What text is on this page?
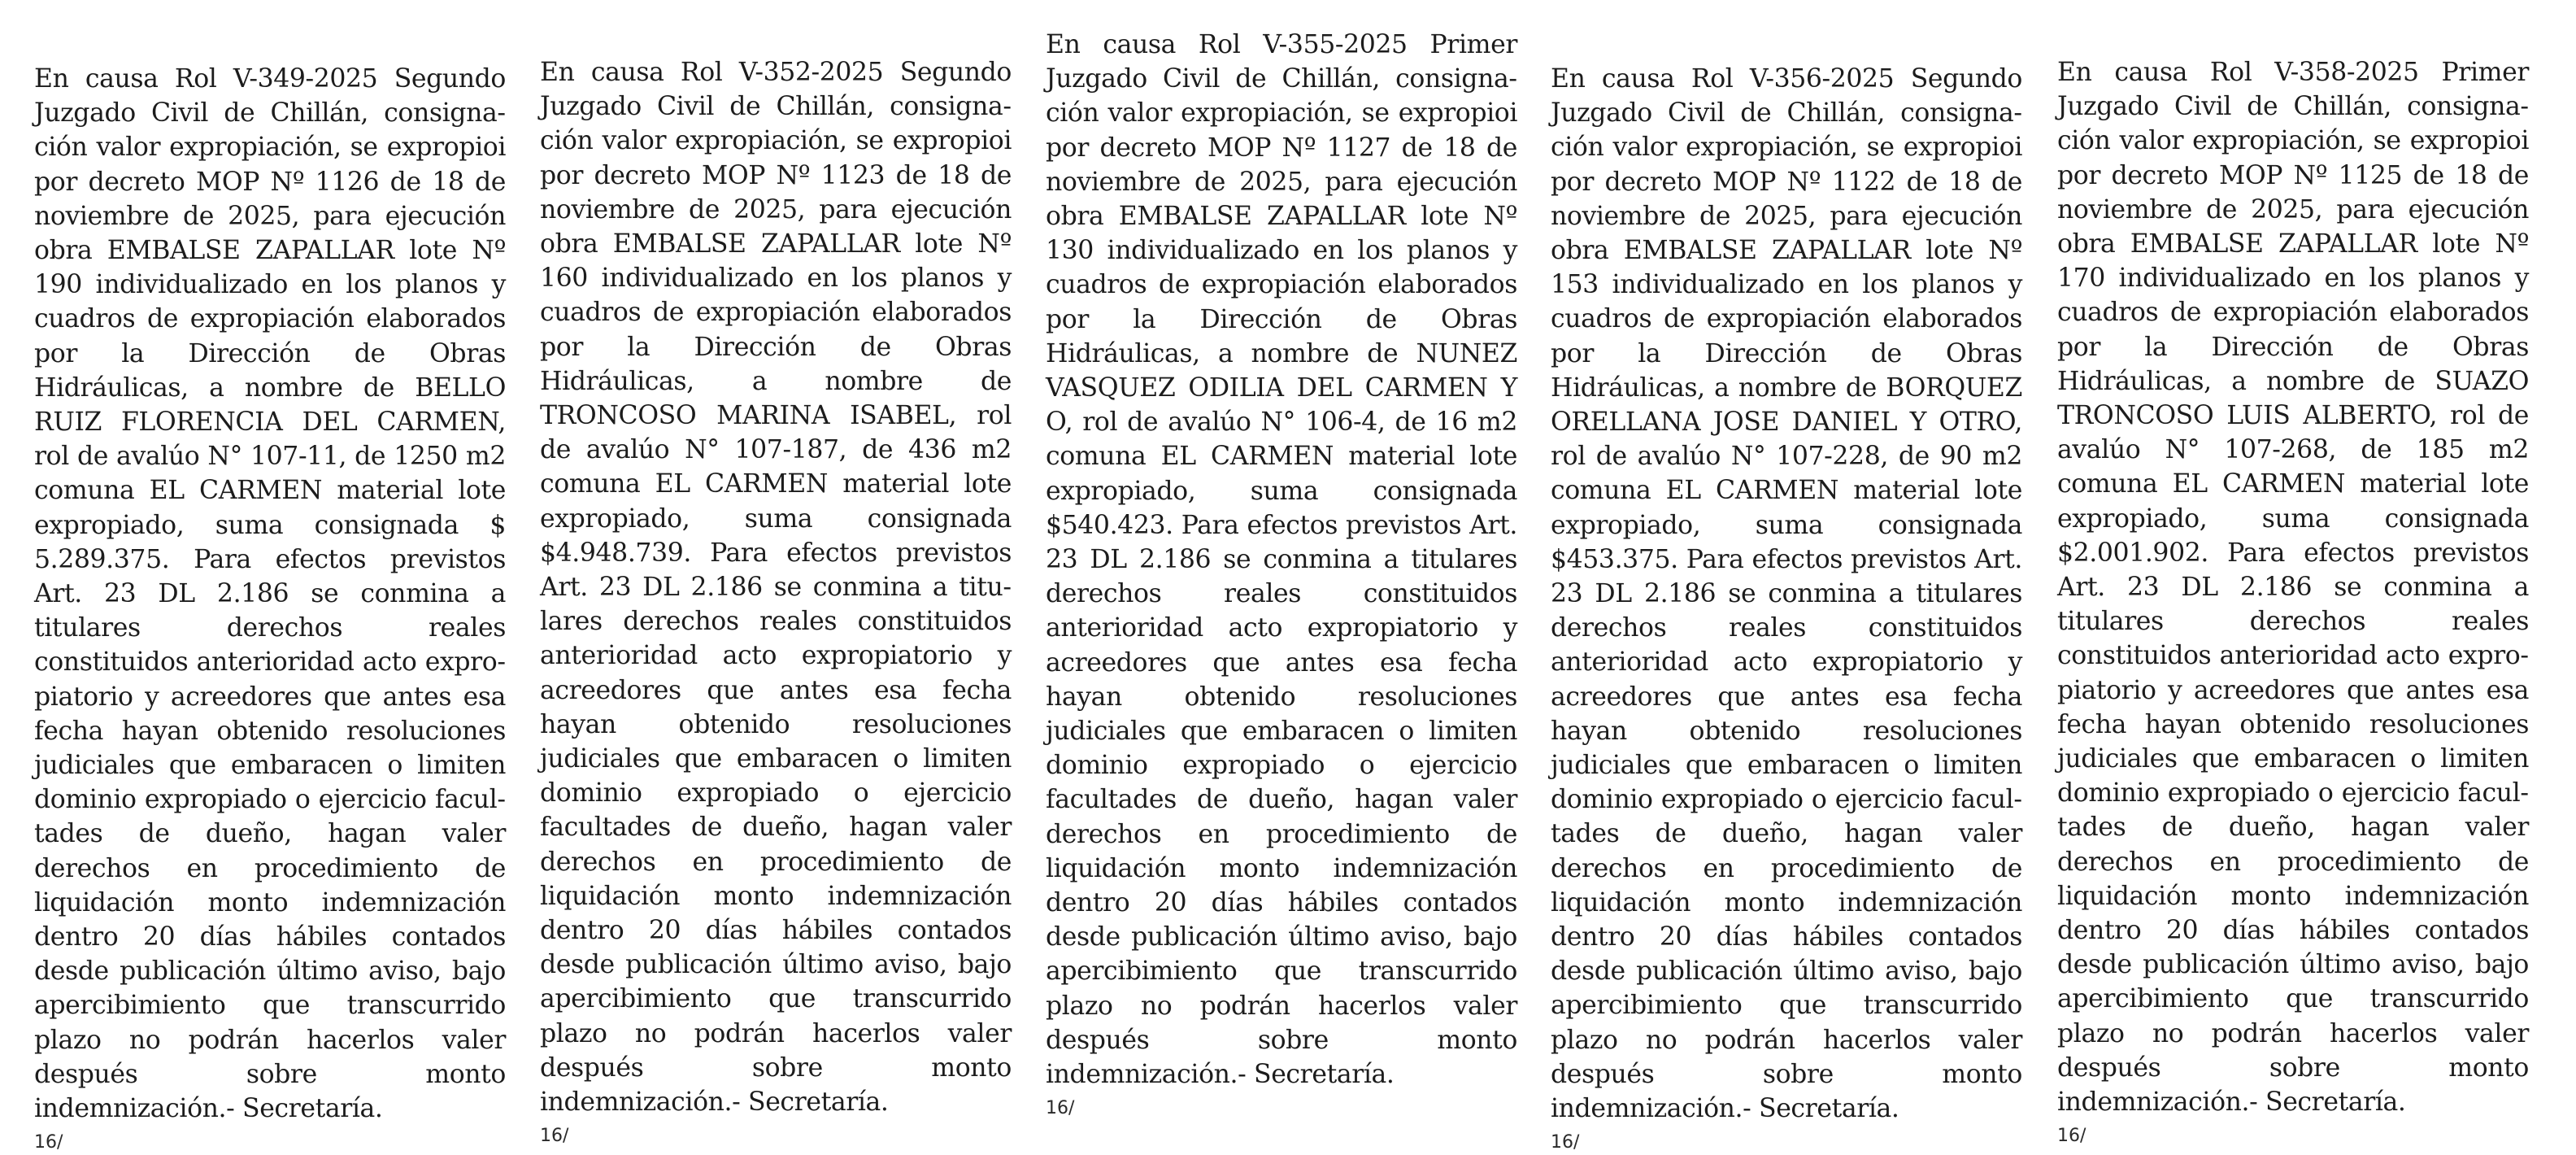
En causa Rol V-349-2025 Segundo Juzgado Civil de Chillán, consignación valor expropiación, se expropioi por decreto MOP Nº 1126 de 18 de noviembre de 2025, para ejecución obra EMBALSE ZAPALLAR lote Nº 190 individualizado en los planos y cuadros de expropiación elaborados por la Dirección de Obras Hidráulicas, a nombre de BELLO RUIZ FLORENCIA DEL CARMEN, rol de avalúo N° 107-11, de 1250 m2 comuna EL CARMEN material lote expropiado, suma consignada $ 5.289.375. Para efectos previstos Art. 23 DL 2.186 se conmina a titulares derechos reales constituidos anterioridad acto expropiatorio y acreedores que antes esa fecha hayan obtenido resoluciones judiciales que embaracen o limiten dominio expropiado o ejercicio facultades de dueño, hagan valer derechos en procedimiento de liquidación monto indemnización dentro 20 días hábiles contados desde publicación último aviso, bajo apercibimiento que transcurrido plazo no podrán hacerlos valer después sobre monto indemnización.- Secretaría.

16/

En causa Rol V-352-2025 Segundo Juzgado Civil de Chillán, consignación valor expropiación, se expropioi por decreto MOP Nº 1123 de 18 de noviembre de 2025, para ejecución obra EMBALSE ZAPALLAR lote Nº 160 individualizado en los planos y cuadros de expropiación elaborados por la Dirección de Obras Hidráulicas, a nombre de TRONCOSO MARINA ISABEL, rol de avalúo N° 107-187, de 436 m2 comuna EL CARMEN material lote expropiado, suma consignada $4.948.739. Para efectos previstos Art. 23 DL 2.186 se conmina a titulares derechos reales constituidos anterioridad acto expropiatorio y acreedores que antes esa fecha hayan obtenido resoluciones judiciales que embaracen o limiten dominio expropiado o ejercicio facultades de dueño, hagan valer derechos en procedimiento de liquidación monto indemnización dentro 20 días hábiles contados desde publicación último aviso, bajo apercibimiento que transcurrido plazo no podrán hacerlos valer después sobre monto indemnización.- Secretaría.

16/

En causa Rol V-355-2025 Primer Juzgado Civil de Chillán, consignación valor expropiación, se expropioi por decreto MOP Nº 1127 de 18 de noviembre de 2025, para ejecución obra EMBALSE ZAPALLAR lote Nº 130 individualizado en los planos y cuadros de expropiación elaborados por la Dirección de Obras Hidráulicas, a nombre de NUNEZ VASQUEZ ODILIA DEL CARMEN Y O, rol de avalúo N° 106-4, de 16 m2 comuna EL CARMEN material lote expropiado, suma consignada $540.423. Para efectos previstos Art. 23 DL 2.186 se conmina a titulares derechos reales constituidos anterioridad acto expropiatorio y acreedores que antes esa fecha hayan obtenido resoluciones judiciales que embaracen o limiten dominio expropiado o ejercicio facultades de dueño, hagan valer derechos en procedimiento de liquidación monto indemnización dentro 20 días hábiles contados desde publicación último aviso, bajo apercibimiento que transcurrido plazo no podrán hacerlos valer después sobre monto indemnización.- Secretaría.

16/

En causa Rol V-356-2025 Segundo Juzgado Civil de Chillán, consignación valor expropiación, se expropioi por decreto MOP Nº 1122 de 18 de noviembre de 2025, para ejecución obra EMBALSE ZAPALLAR lote Nº 153 individualizado en los planos y cuadros de expropiación elaborados por la Dirección de Obras Hidráulicas, a nombre de BORQUEZ ORELLANA JOSE DANIEL Y OTRO, rol de avalúo N° 107-228, de 90 m2 comuna EL CARMEN material lote expropiado, suma consignada $453.375. Para efectos previstos Art. 23 DL 2.186 se conmina a titulares derechos reales constituidos anterioridad acto expropiatorio y acreedores que antes esa fecha hayan obtenido resoluciones judiciales que embaracen o limiten dominio expropiado o ejercicio facultades de dueño, hagan valer derechos en procedimiento de liquidación monto indemnización dentro 20 días hábiles contados desde publicación último aviso, bajo apercibimiento que transcurrido plazo no podrán hacerlos valer después sobre monto indemnización.- Secretaría.

16/

En causa Rol V-358-2025 Primer Juzgado Civil de Chillán, consignación valor expropiación, se expropioi por decreto MOP Nº 1125 de 18 de noviembre de 2025, para ejecución obra EMBALSE ZAPALLAR lote Nº 170 individualizado en los planos y cuadros de expropiación elaborados por la Dirección de Obras Hidráulicas, a nombre de SUAZO TRONCOSO LUIS ALBERTO, rol de avalúo N° 107-268, de 185 m2 comuna EL CARMEN material lote expropiado, suma consignada $2.001.902. Para efectos previstos Art. 23 DL 2.186 se conmina a titulares derechos reales constituidos anterioridad acto expropiatorio y acreedores que antes esa fecha hayan obtenido resoluciones judiciales que embaracen o limiten dominio expropiado o ejercicio facultades de dueño, hagan valer derechos en procedimiento de liquidación monto indemnización dentro 20 días hábiles contados desde publicación último aviso, bajo apercibimiento que transcurrido plazo no podrán hacerlos valer después sobre monto indemnización.- Secretaría.

16/
